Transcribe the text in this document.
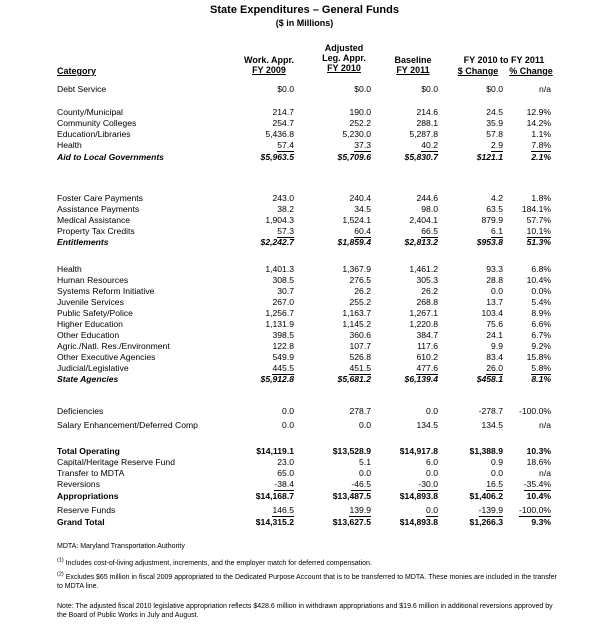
State Expenditures – General Funds
($ in Millions)
Category
Work. Appr.
FY 2009
Adjusted
Leg. Appr.
FY 2010
Baseline
FY 2011
FY 2010 to FY 2011
$ Change	% Change
Debt Service	$0.0	$0.0	$0.0	$0.0	n/a
County/Municipal	214.7	190.0	214.6	24.5	12.9%
Community Colleges	254.7	252.2	288.1	35.9	14.2%
Education/Libraries	5,436.8	5,230.0	5,287.8	57.8	1.1%
Health	57.4	37.3	40.2	2.9	7.8%
Aid to Local Governments	$5,963.5	$5,709.6	$5,830.7	$121.1	2.1%
Foster Care Payments	243.0	240.4	244.6	4.2	1.8%
Assistance Payments	38.2	34.5	98.0	63.5 184.1%
Medical Assistance	1,904.3	1,524.1	2,404.1	879.9	57.7%
Property Tax Credits	57.3	60.4	66.5	6.1	10.1%
Entitlements	$2,242.7	$1,859.4	$2,813.2	$953.8	51.3%
Health	1,401.3	1,367.9	1,461.2	93.3	6.8%
Human Resources	308.5	276.5	305.3	28.8	10.4%
Systems Reform Initiative	30.7	26.2	26.2	0.0	0.0%
Juvenile Services	267.0	255.2	268.8	13.7	5.4%
Public Safety/Police	1,256.7	1,163.7	1,267.1	103.4	8.9%
Higher Education	1,131.9	1,145.2	1,220.8	75.6	6.6%
Other Education	398.5	360.6	384.7	24.1	6.7%
Agric./Natl. Res./Environment	122.8	107.7	117.6	9.9	9.2%
Other Executive Agencies	549.9	526.8	610.2	83.4	15.8%
Judicial/Legislative	445.5	451.5	477.6	26.0	5.8%
State Agencies	$5,912.8	$5,681.2	$6,139.4	$458.1	8.1%
Deficiencies	0.0	278.7	0.0	-278.7 -100.0%
Salary Enhancement/Deferred Comp	0.0	0.0	134.5	134.5	n/a
Total Operating	$14,119.1	$13,528.9	$14,917.8	$1,388.9	10.3%
Capital/Heritage Reserve Fund	23.0	5.1	6.0	0.9	18.6%
Transfer to MDTA	65.0	0.0	0.0	0.0	n/a
Reversions	-38.4	-46.5	-30.0	16.5 -35.4%
Appropriations	$14,168.7	$13,487.5	$14,893.8	$1,406.2	10.4%
Reserve Funds	146.5	139.9	0.0	-139.9 -100.0%
Grand Total	$14,315.2	$13,627.5	$14,893.8	$1,266.3	9.3%
MDTA: Maryland Transportation Authority
$^{(1)}$ Includes cost-of-living adjustment, increments, and the employer match for deferred compensation.
$^{(2)}$ Excludes $65 million in fiscal 2009 appropriated to the Dedicated Purpose Account that is to be transferred to MDTA. These monies are included in the transfer to MDTA line.
Note: The adjusted fiscal 2010 legislative appropriation reflects $428.6 million in withdrawn appropriations and $19.6 million in additional reversions approved by the Board of Public Works in July and August.
